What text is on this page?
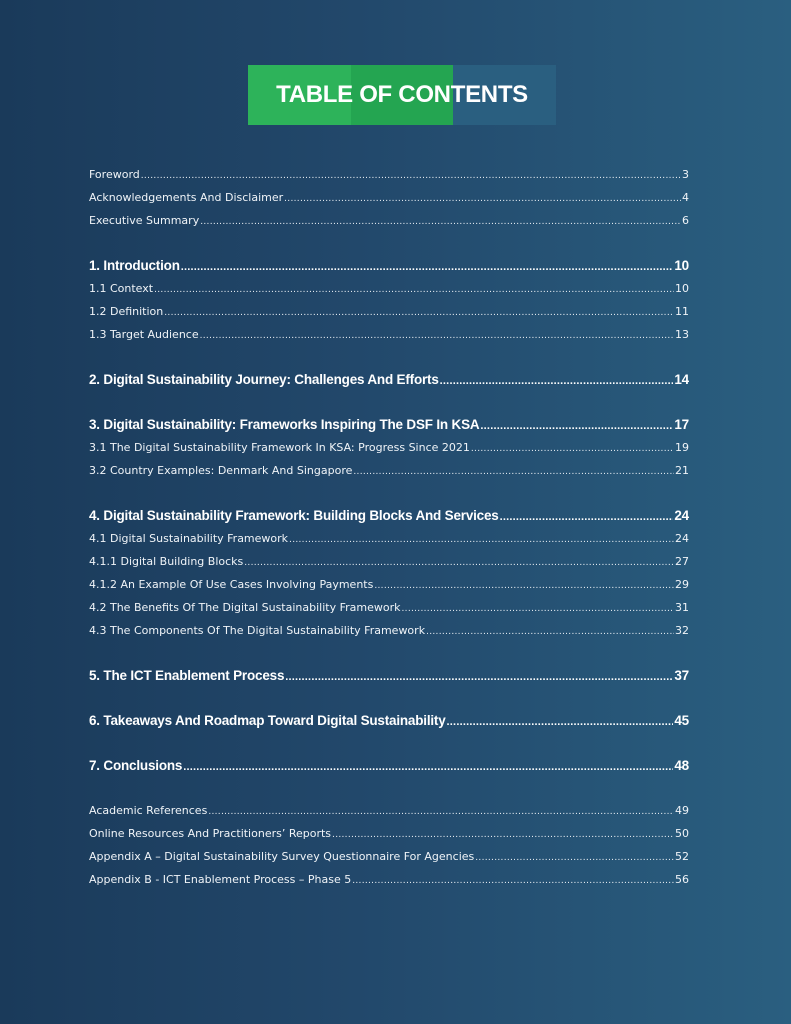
TABLE OF CONTENTS
Foreword .....	3
Acknowledgements And Disclaimer .....	4
Executive Summary .....	6
1. Introduction .....	10
1.1 Context .....	10
1.2 Definition .....	11
1.3 Target Audience .....	13
2. Digital Sustainability Journey: Challenges And Efforts .....	14
3. Digital Sustainability: Frameworks Inspiring The DSF In KSA .....	17
3.1 The Digital Sustainability Framework In KSA: Progress Since 2021 .....	19
3.2 Country Examples: Denmark And Singapore .....	21
4. Digital Sustainability Framework: Building Blocks And Services .....	24
4.1 Digital Sustainability Framework .....	24
4.1.1 Digital Building Blocks .....	27
4.1.2 An Example Of Use Cases Involving Payments .....	29
4.2 The Benefits Of The Digital Sustainability Framework .....	31
4.3 The Components Of The Digital Sustainability Framework .....	32
5. The ICT Enablement Process .....	37
6. Takeaways And Roadmap Toward Digital Sustainability .....	45
7. Conclusions .....	48
Academic References .....	49
Online Resources And Practitioners’ Reports .....	50
Appendix A – Digital Sustainability Survey Questionnaire For Agencies .....	52
Appendix B - ICT Enablement Process – Phase 5 .....	56
